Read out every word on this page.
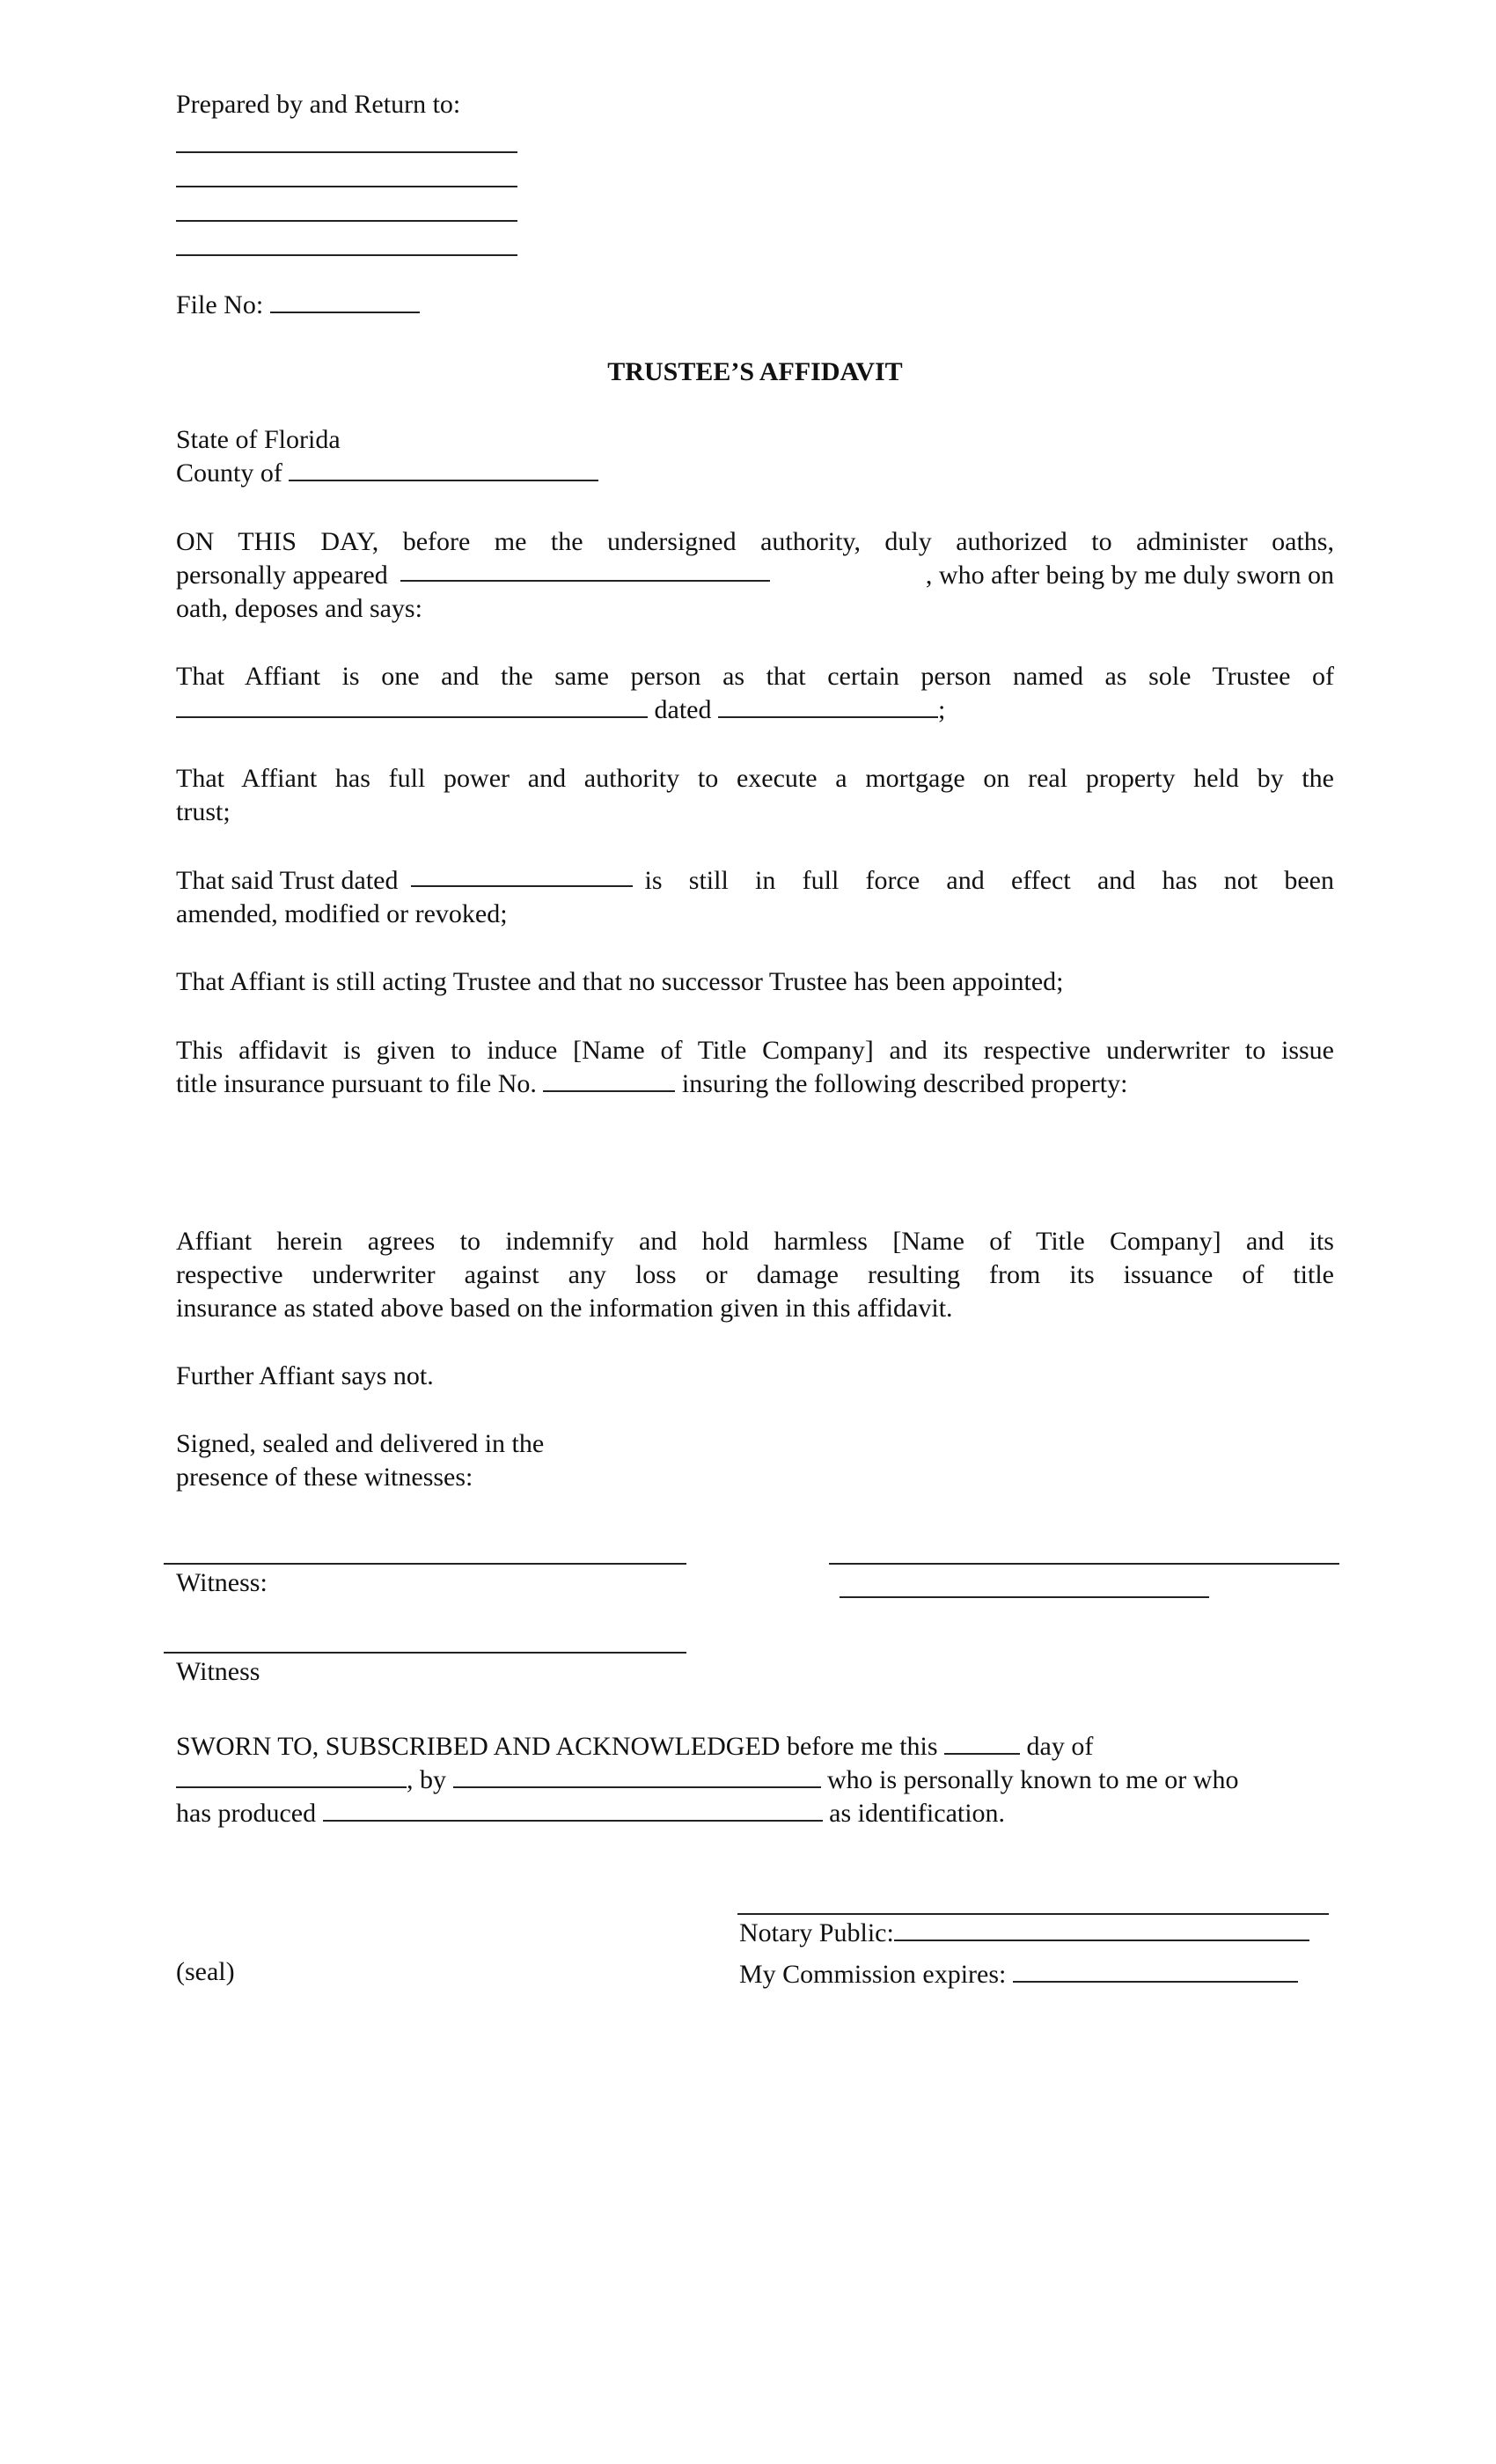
Prepared by and Return to:
File No:
TRUSTEE’S AFFIDAVIT
State of Florida
County of
ON THIS DAY, before me the undersigned authority, duly authorized to administer oaths,
personally appeared	, who after being by me duly sworn on
oath, deposes and says:
That Affiant is one and the same person as that certain person named as sole Trustee of
dated	;
That Affiant has full power and authority to execute a mortgage on real property held by the
trust;
That said Trust dated	is still in full force and effect and has not been
amended, modified or revoked;
That Affiant is still acting Trustee and that no successor Trustee has been appointed;
This affidavit is given to induce [Name of Title Company] and its respective underwriter to issue
title insurance pursuant to file No.	insuring the following described property:
Affiant herein agrees to indemnify and hold harmless [Name of Title Company] and its
respective underwriter against any loss or damage resulting from its issuance of title
insurance as stated above based on the information given in this affidavit.
Further Affiant says not.
Signed, sealed and delivered in the
presence of these witnesses:
Witness:
Witness
SWORN TO, SUBSCRIBED AND ACKNOWLEDGED before me this	day of
, by	who is personally known to me or who
has produced	as identification.
Notary Public:
(seal)	My Commission expires:
